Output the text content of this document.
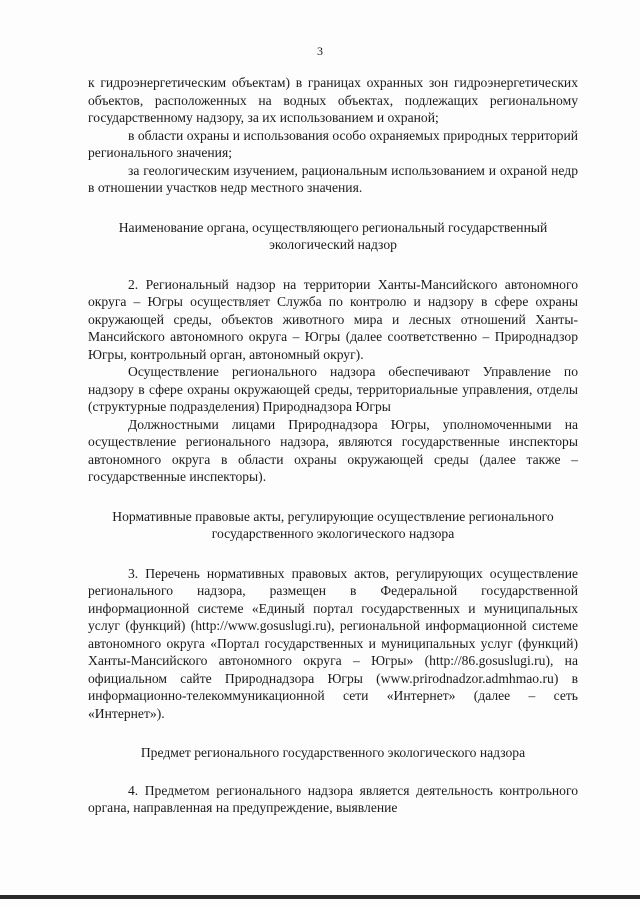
3

к гидроэнергетическим объектам) в границах охранных зон гидроэнергетических объектов, расположенных на водных объектах, подлежащих региональному государственному надзору, за их использованием и охраной;

в области охраны и использования особо охраняемых природных территорий регионального значения;

за геологическим изучением, рациональным использованием и охраной недр в отношении участков недр местного значения.

Наименование органа, осуществляющего региональный государственный экологический надзор

2. Региональный надзор на территории Ханты-Мансийского автономного округа – Югры осуществляет Служба по контролю и надзору в сфере охраны окружающей среды, объектов животного мира и лесных отношений Ханты-Мансийского автономного округа – Югры (далее соответственно – Природнадзор Югры, контрольный орган, автономный округ).

Осуществление регионального надзора обеспечивают Управление по надзору в сфере охраны окружающей среды, территориальные управления, отделы (структурные подразделения) Природнадзора Югры

Должностными лицами Природнадзора Югры, уполномоченными на осуществление регионального надзора, являются государственные инспекторы автономного округа в области охраны окружающей среды (далее также – государственные инспекторы).

Нормативные правовые акты, регулирующие осуществление регионального государственного экологического надзора

3. Перечень нормативных правовых актов, регулирующих осуществление регионального надзора, размещен в Федеральной государственной информационной системе «Единый портал государственных и муниципальных услуг (функций) (http://www.gosuslugi.ru), региональной информационной системе автономного округа «Портал государственных и муниципальных услуг (функций) Ханты-Мансийского автономного округа – Югры» (http://86.gosuslugi.ru), на официальном сайте Природнадзора Югры (www.prirodnadzor.admhmao.ru) в информационно-телекоммуникационной сети «Интернет» (далее – сеть «Интернет»).

Предмет регионального государственного экологического надзора

4. Предметом регионального надзора является деятельность контрольного органа, направленная на предупреждение, выявление
